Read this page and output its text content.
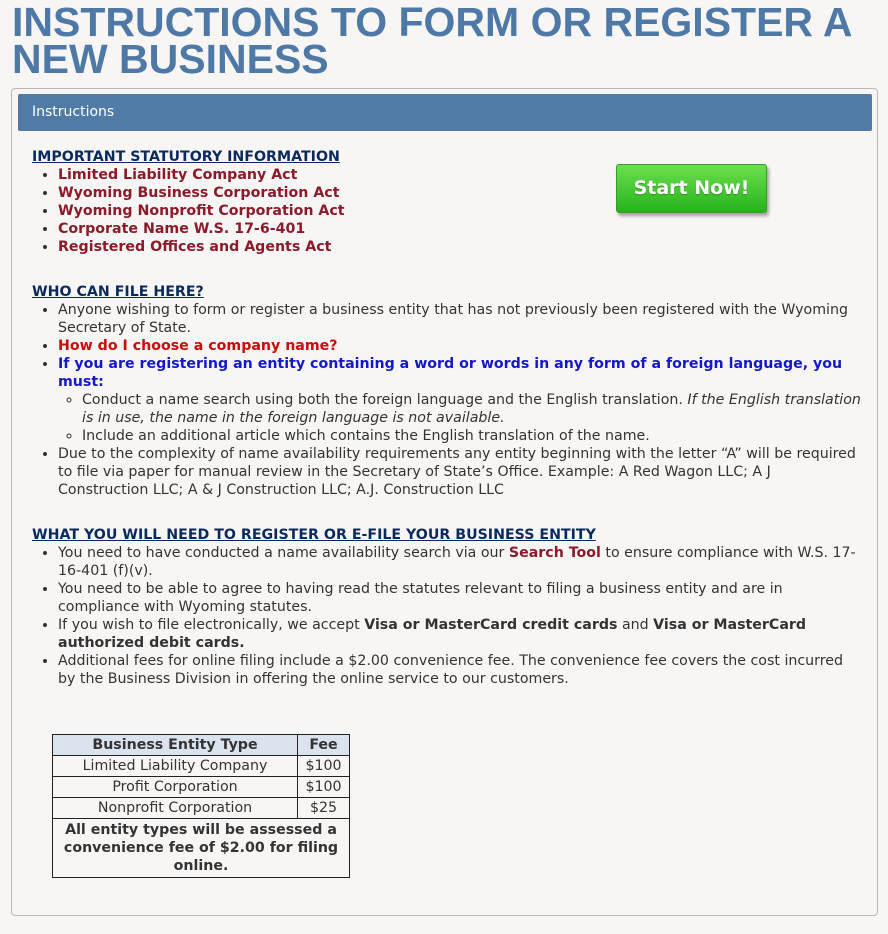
INSTRUCTIONS TO FORM OR REGISTER A NEW BUSINESS
Instructions
Start Now!
IMPORTANT STATUTORY INFORMATION
• Limited Liability Company Act
• Wyoming Business Corporation Act
• Wyoming Nonprofit Corporation Act
• Corporate Name W.S. 17-6-401
• Registered Offices and Agents Act
WHO CAN FILE HERE?
• Anyone wishing to form or register a business entity that has not previously been registered with the Wyoming Secretary of State.
• How do I choose a company name?
• If you are registering an entity containing a word or words in any form of a foreign language, you must:
◦ Conduct a name search using both the foreign language and the English translation. If the English translation is in use, the name in the foreign language is not available.
◦ Include an additional article which contains the English translation of the name.
• Due to the complexity of name availability requirements any entity beginning with the letter “A” will be required to file via paper for manual review in the Secretary of State’s Office. Example: A Red Wagon LLC; A J Construction LLC; A & J Construction LLC; A.J. Construction LLC
WHAT YOU WILL NEED TO REGISTER OR E-FILE YOUR BUSINESS ENTITY
• You need to have conducted a name availability search via our Search Tool to ensure compliance with W.S. 17-16-401 (f)(v).
• You need to be able to agree to having read the statutes relevant to filing a business entity and are in compliance with Wyoming statutes.
• If you wish to file electronically, we accept Visa or MasterCard credit cards and Visa or MasterCard authorized debit cards.
• Additional fees for online filing include a $2.00 convenience fee. The convenience fee covers the cost incurred by the Business Division in offering the online service to our customers.
Business Entity Type	Fee
Limited Liability Company	$100
Profit Corporation	$100
Nonprofit Corporation	$25
All entity types will be assessed a convenience fee of $2.00 for filing online.	
